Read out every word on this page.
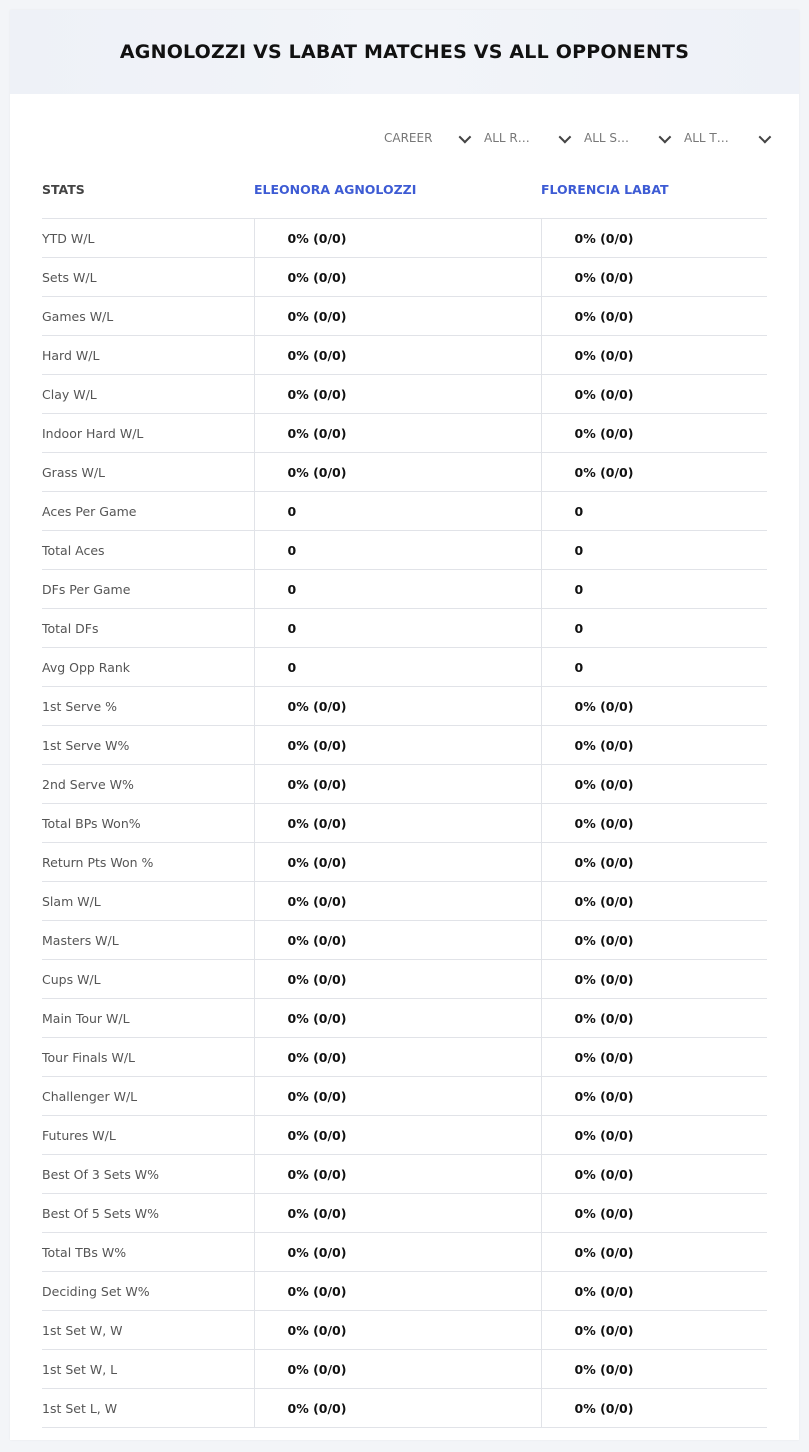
AGNOLOZZI VS LABAT MATCHES VS ALL OPPONENTS
CAREER	ALL R…	ALL S…	ALL T…
STATS	ELEONORA AGNOLOZZI	FLORENCIA LABAT
YTD W/L	0% (0/0)	0% (0/0)
Sets W/L	0% (0/0)	0% (0/0)
Games W/L	0% (0/0)	0% (0/0)
Hard W/L	0% (0/0)	0% (0/0)
Clay W/L	0% (0/0)	0% (0/0)
Indoor Hard W/L	0% (0/0)	0% (0/0)
Grass W/L	0% (0/0)	0% (0/0)
Aces Per Game	0	0
Total Aces	0	0
DFs Per Game	0	0
Total DFs	0	0
Avg Opp Rank	0	0
1st Serve %	0% (0/0)	0% (0/0)
1st Serve W%	0% (0/0)	0% (0/0)
2nd Serve W%	0% (0/0)	0% (0/0)
Total BPs Won%	0% (0/0)	0% (0/0)
Return Pts Won %	0% (0/0)	0% (0/0)
Slam W/L	0% (0/0)	0% (0/0)
Masters W/L	0% (0/0)	0% (0/0)
Cups W/L	0% (0/0)	0% (0/0)
Main Tour W/L	0% (0/0)	0% (0/0)
Tour Finals W/L	0% (0/0)	0% (0/0)
Challenger W/L	0% (0/0)	0% (0/0)
Futures W/L	0% (0/0)	0% (0/0)
Best Of 3 Sets W%	0% (0/0)	0% (0/0)
Best Of 5 Sets W%	0% (0/0)	0% (0/0)
Total TBs W%	0% (0/0)	0% (0/0)
Deciding Set W%	0% (0/0)	0% (0/0)
1st Set W, W	0% (0/0)	0% (0/0)
1st Set W, L	0% (0/0)	0% (0/0)
1st Set L, W	0% (0/0)	0% (0/0)
